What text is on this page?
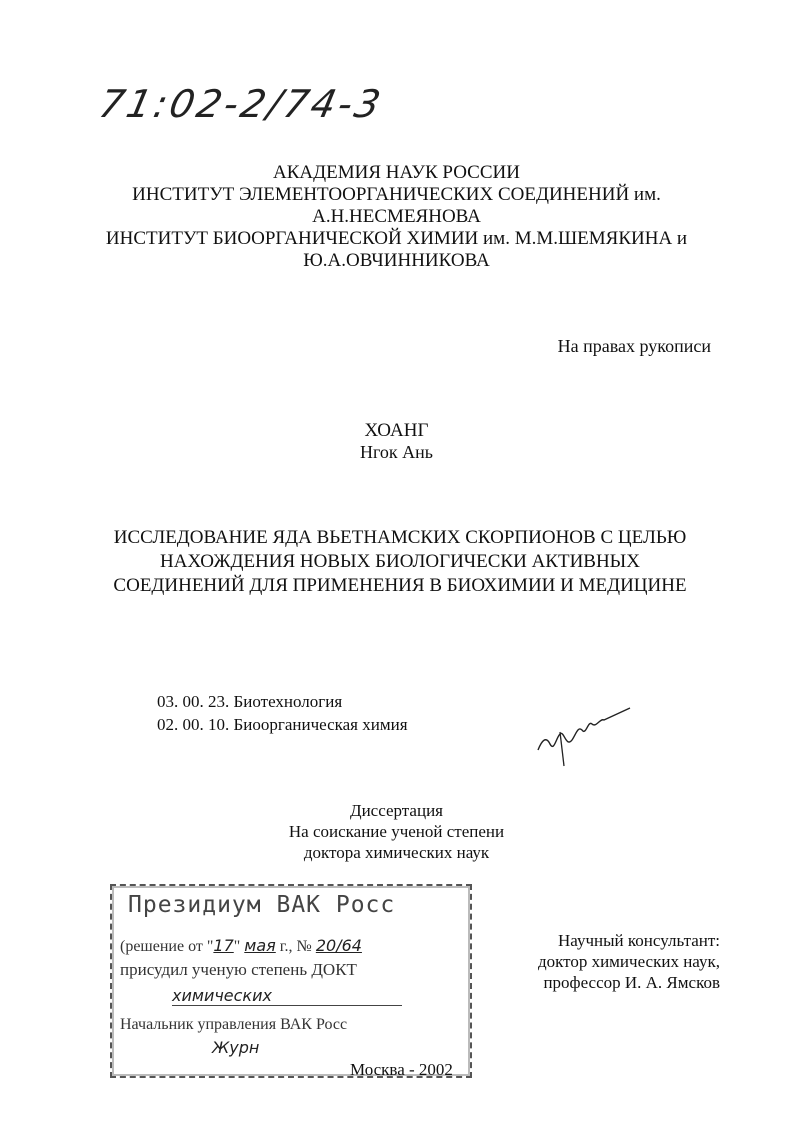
71:02-2/74-3
АКАДЕМИЯ НАУК РОССИИ
ИНСТИТУТ ЭЛЕМЕНТООРГАНИЧЕСКИХ СОЕДИНЕНИЙ им.
А.Н.НЕСМЕЯНОВА
ИНСТИТУТ БИООРГАНИЧЕСКОЙ ХИМИИ им. М.М.ШЕМЯКИНА и
Ю.А.ОВЧИННИКОВА
На правах рукописи
ХОАНГ
Нгок Ань
ИССЛЕДОВАНИЕ ЯДА ВЬЕТНАМСКИХ СКОРПИОНОВ С ЦЕЛЬЮ
НАХОЖДЕНИЯ НОВЫХ БИОЛОГИЧЕСКИ АКТИВНЫХ
СОЕДИНЕНИЙ ДЛЯ ПРИМЕНЕНИЯ В БИОХИМИИ И МЕДИЦИНЕ
03. 00. 23. Биотехнология
02. 00. 10. Биоорганическая химия
Диссертация
На соискание ученой степени
доктора химических наук
Президиум ВАК Росс
(решение от "17" мая г., № 20/64
присудил ученую степень ДОКТ
химических
Начальник управления ВАК Росс
Журн
Научный консультант:
доктор химических наук,
профессор И. А. Ямсков
Москва - 2002
